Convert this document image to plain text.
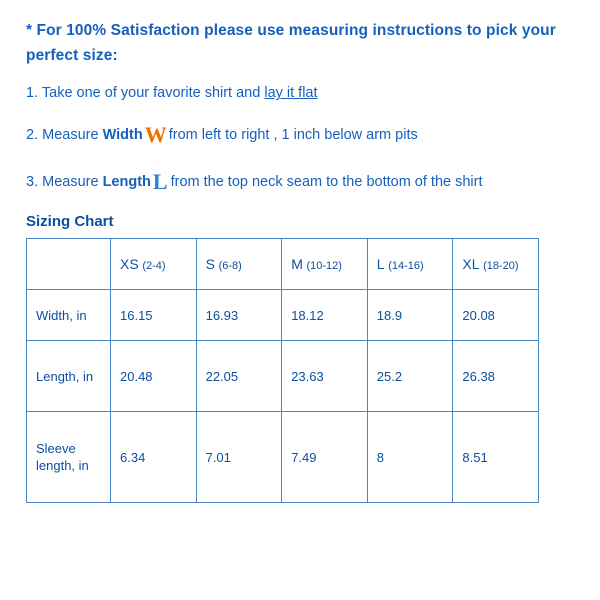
* For 100% Satisfaction please use measuring instructions to pick your perfect size:

1. Take one of your favorite shirt and lay it flat
2. Measure WidthW from left to right , 1 inch below arm pits
3. Measure LengthL from the top neck seam to the bottom of the shirt
Sizing Chart
	XS (2-4)	S (6-8)	M (10-12)	L (14-16)	XL (18-20)
Width, in	16.15	16.93	18.12	18.9	20.08
Length, in	20.48	22.05	23.63	25.2	26.38
Sleeve length, in	6.34	7.01	7.49	8	8.51
